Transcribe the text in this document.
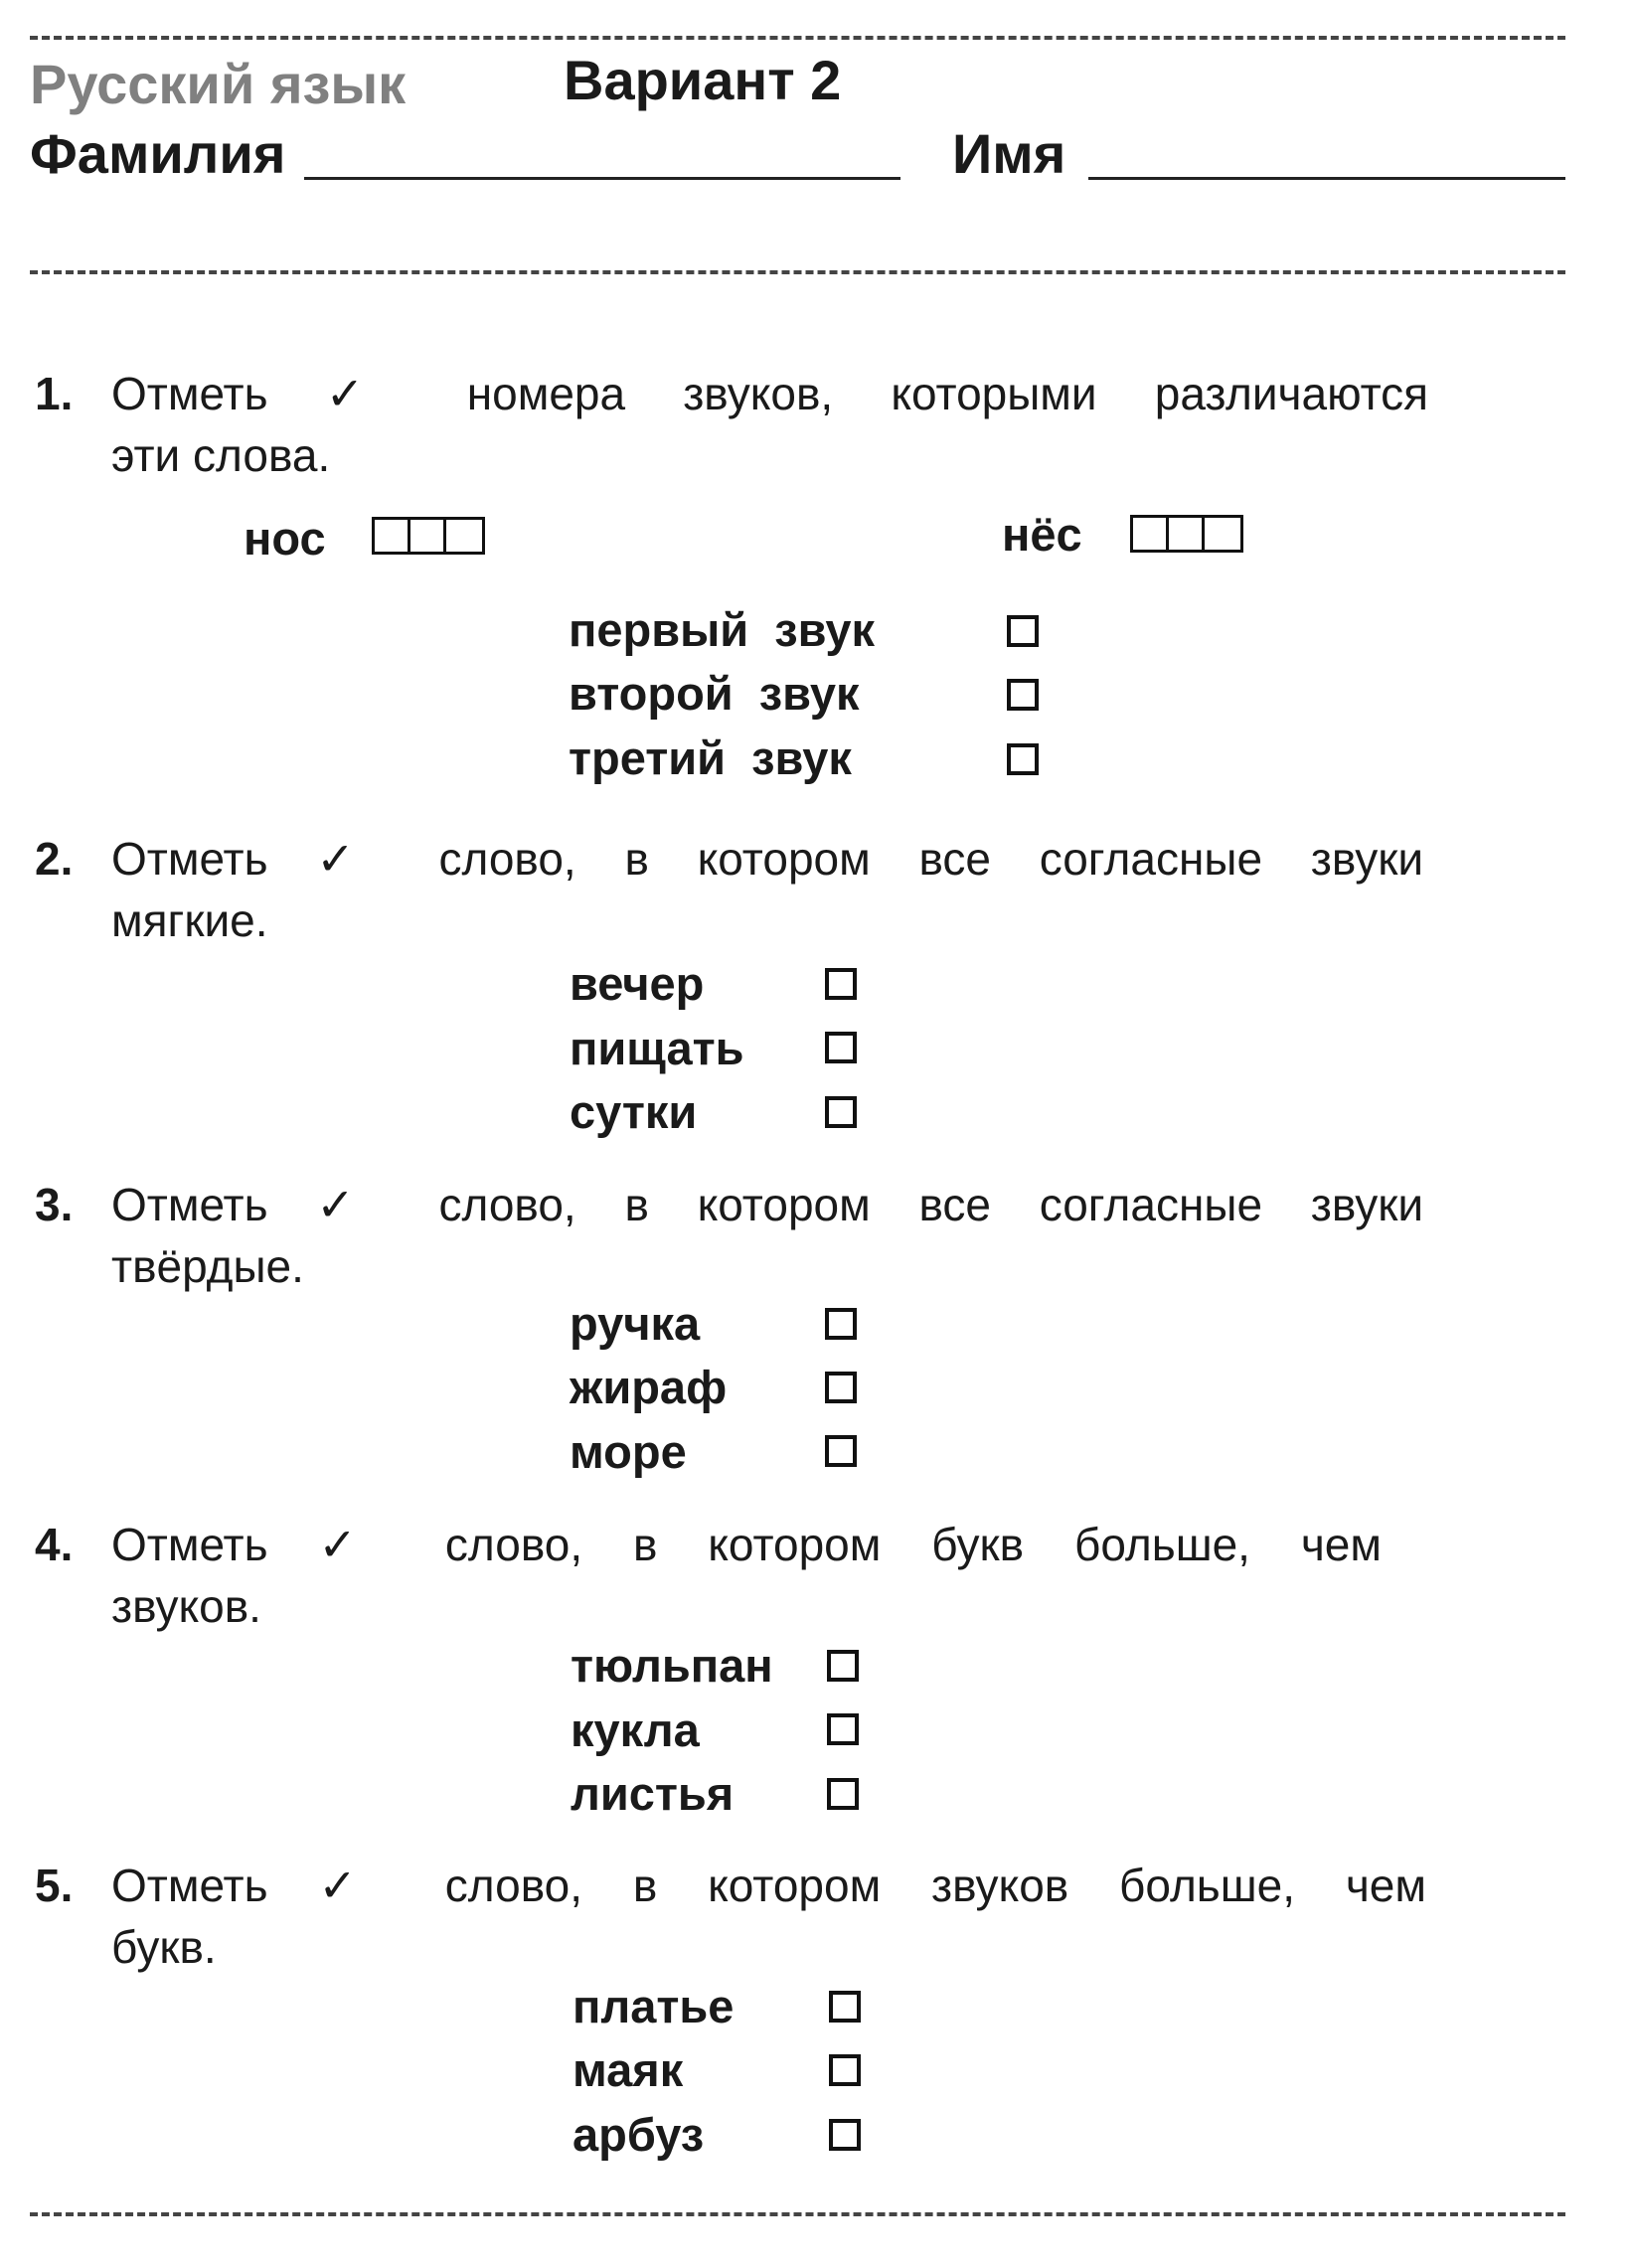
Русский язык	Вариант 2
Фамилия	Имя
1. Отметь ✓ номера звуков, которыми различаются
эти слова.
нос	нёс
первый  звук
второй  звук
третий  звук
2. Отметь ✓ слово, в котором все согласные звуки
мягкие.
вечер
пищать
сутки
3. Отметь ✓ слово, в котором все согласные звуки
твёрдые.
ручка
жираф
море
4. Отметь ✓ слово, в котором букв больше, чем
звуков.
тюльпан
кукла
листья
5. Отметь ✓ слово, в котором звуков больше, чем
букв.
платье
маяк
арбуз
